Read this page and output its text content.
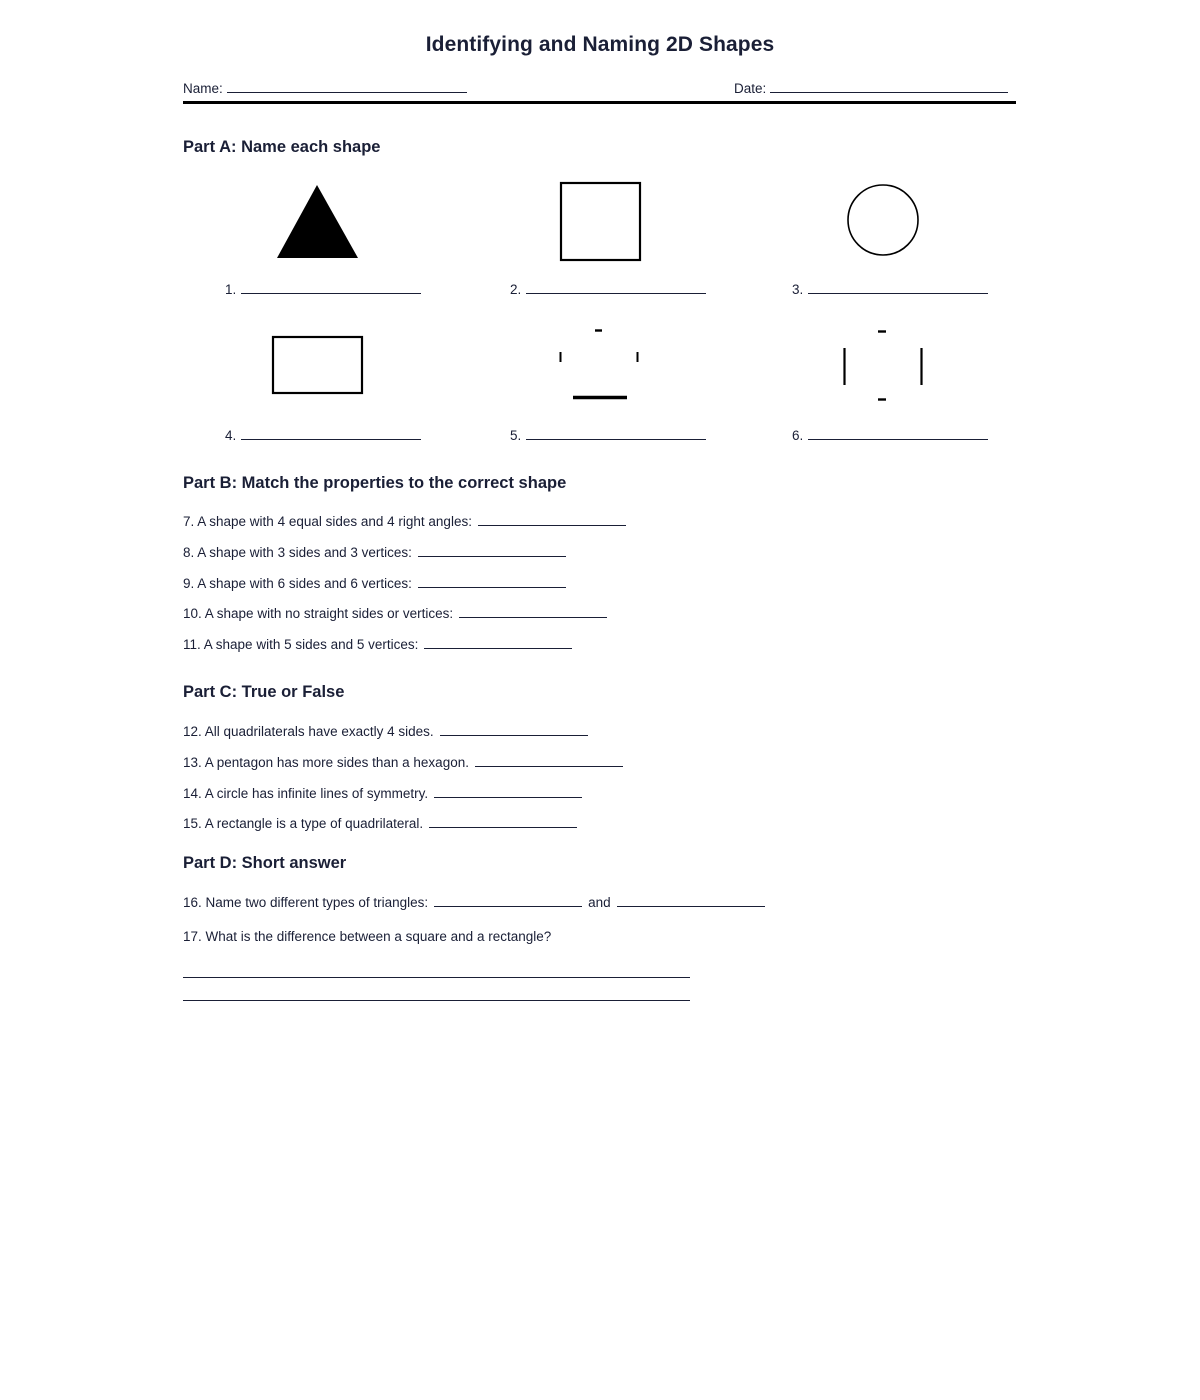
Identifying and Naming 2D Shapes
Name:	Date:
Part A: Name each shape
1.	2.	3.
4.	5.	6.
Part B: Match the properties to the correct shape
7. A shape with 4 equal sides and 4 right angles:
8. A shape with 3 sides and 3 vertices:
9. A shape with 6 sides and 6 vertices:
10. A shape with no straight sides or vertices:
11. A shape with 5 sides and 5 vertices:
Part C: True or False
12. All quadrilaterals have exactly 4 sides.
13. A pentagon has more sides than a hexagon.
14. A circle has infinite lines of symmetry.
15. A rectangle is a type of quadrilateral.
Part D: Short answer
16. Name two different types of triangles:	and
17. What is the difference between a square and a rectangle?
